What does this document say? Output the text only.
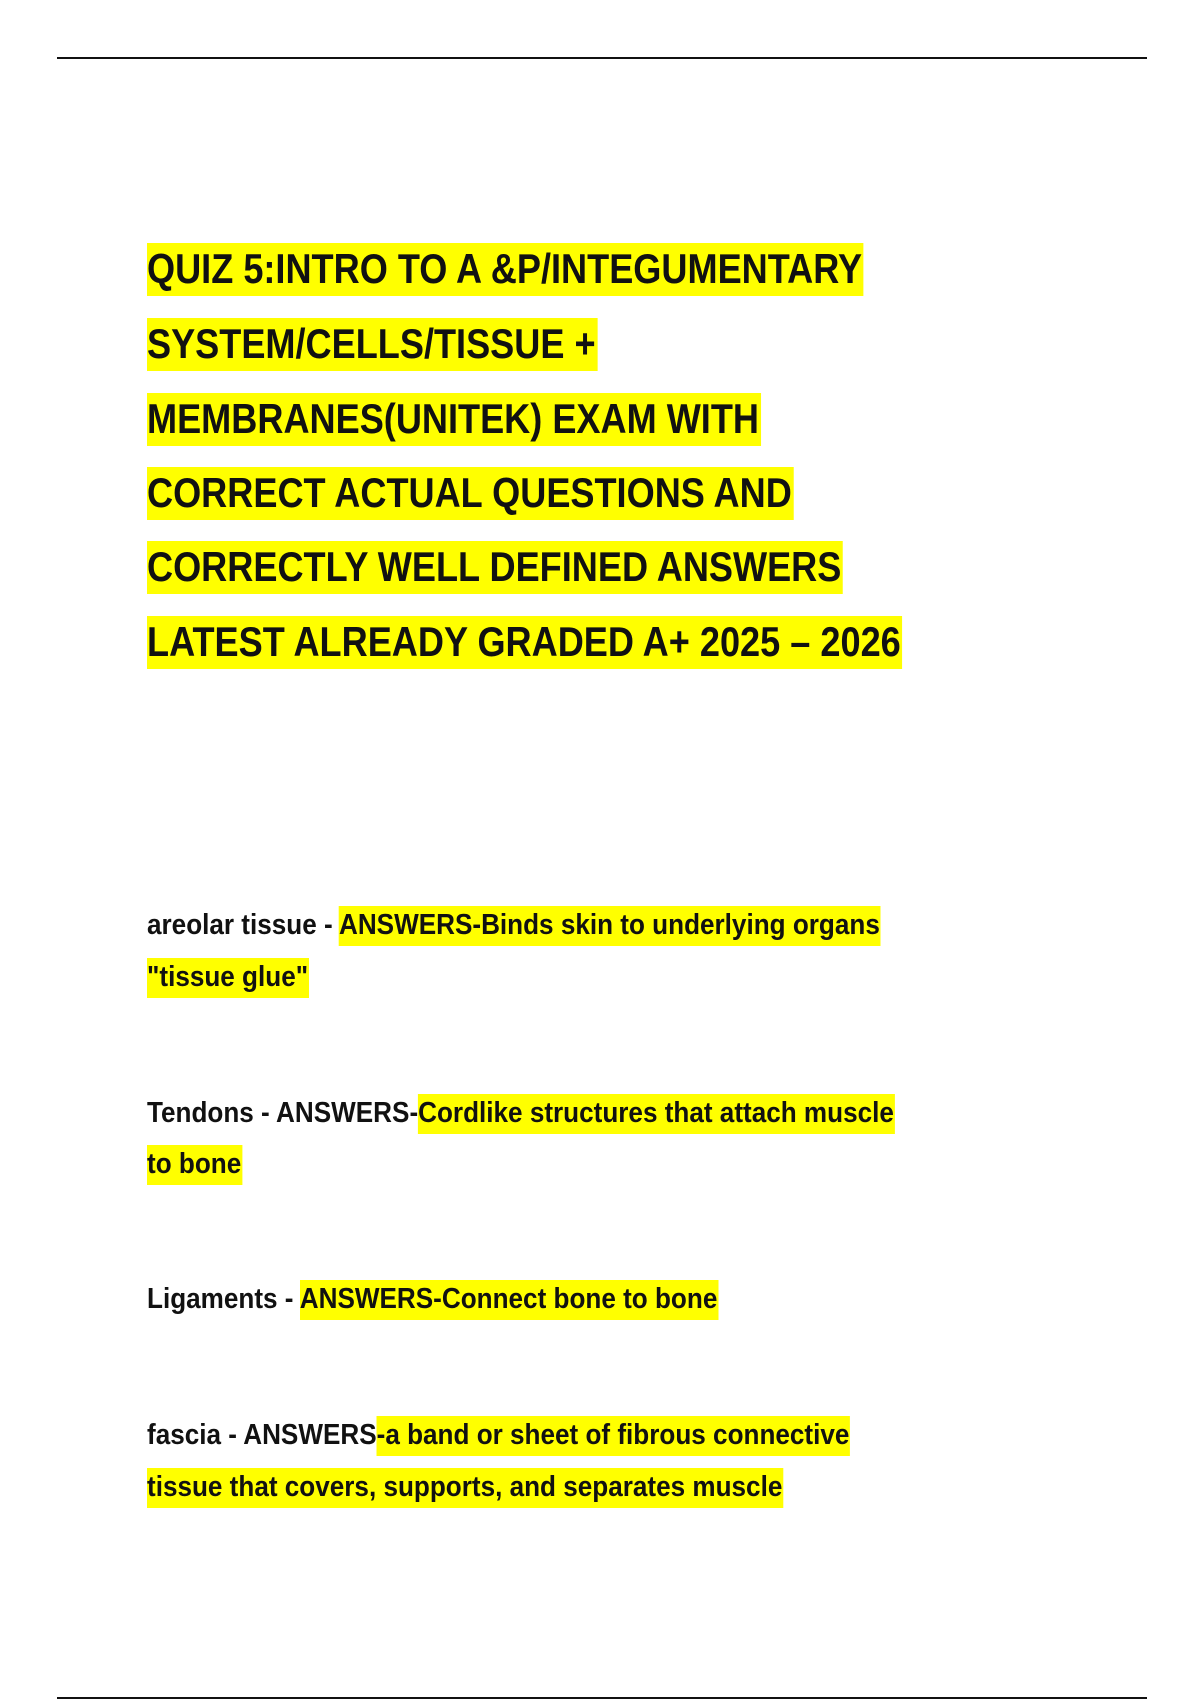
QUIZ 5:INTRO TO A &P/INTEGUMENTARY
SYSTEM/CELLS/TISSUE +
MEMBRANES(UNITEK) EXAM WITH
CORRECT ACTUAL QUESTIONS AND
CORRECTLY WELL DEFINED ANSWERS
LATEST ALREADY GRADED A+ 2025 – 2026
areolar tissue - ANSWERS-Binds skin to underlying organs
"tissue glue"
Tendons - ANSWERS-Cordlike structures that attach muscle
to bone
Ligaments - ANSWERS-Connect bone to bone
fascia - ANSWERS-a band or sheet of fibrous connective
tissue that covers, supports, and separates muscle
